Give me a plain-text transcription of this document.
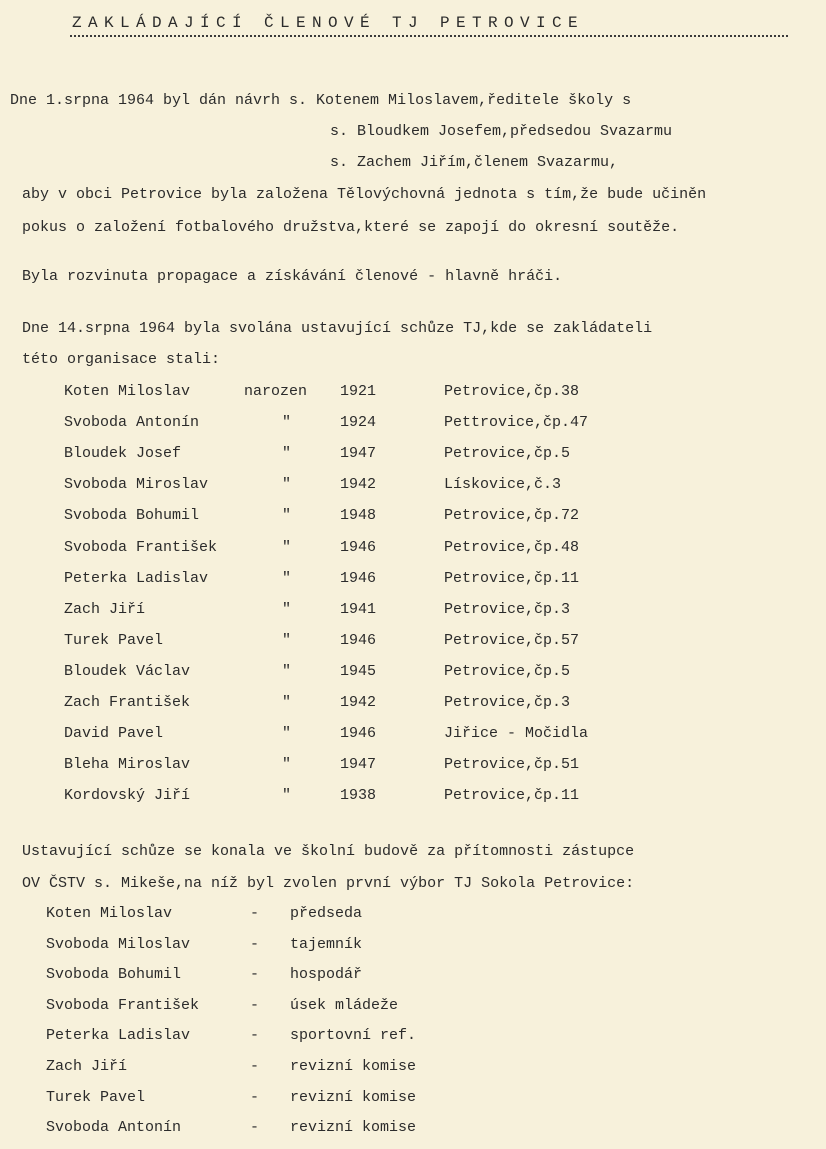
ZAKLÁDAJÍCÍ ČLENOVÉ TJ PETROVICE
Dne 1.srpna 1964 byl dán návrh s. Kotenem Miloslavem,ředitele školy s
s. Bloudkem Josefem,předsedou Svazarmu
s. Zachem Jiřím,členem Svazarmu,
aby v obci Petrovice byla založena Tělovýchovná jednota s tím,že bude učiněn
pokus o založení fotbalového družstva,které se zapojí do okresní soutěže.
Byla rozvinuta propagace a získávání členové - hlavně hráči.
Dne 14.srpna 1964 byla svolána ustavující schůze TJ,kde se zakládateli
této organisace stali:
Koten Miloslav	narozen 1921	Petrovice,čp.38
Svoboda Antonín	"	1924	Pettrovice,čp.47
Bloudek Josef	"	1947	Petrovice,čp.5
Svoboda Miroslav	"	1942	Lískovice,č.3
Svoboda Bohumil	"	1948	Petrovice,čp.72
Svoboda František	"	1946	Petrovice,čp.48
Peterka Ladislav	"	1946	Petrovice,čp.11
Zach Jiří	"	1941	Petrovice,čp.3
Turek Pavel	"	1946	Petrovice,čp.57
Bloudek Václav	"	1945	Petrovice,čp.5
Zach František	"	1942	Petrovice,čp.3
David Pavel	"	1946	Jiřice - Močidla
Bleha Miroslav	"	1947	Petrovice,čp.51
Kordovský Jiří	"	1938	Petrovice,čp.11
Ustavující schůze se konala ve školní budově za přítomnosti zástupce
OV ČSTV s. Mikeše,na níž byl zvolen první výbor TJ Sokola Petrovice:
Koten Miloslav	- předseda
Svoboda Miloslav	- tajemník
Svoboda Bohumil	- hospodář
Svoboda František	- úsek mládeže
Peterka Ladislav	- sportovní ref.
Zach Jiří	- revizní komise
Turek Pavel	- revizní komise
Svoboda Antonín	- revizní komise
